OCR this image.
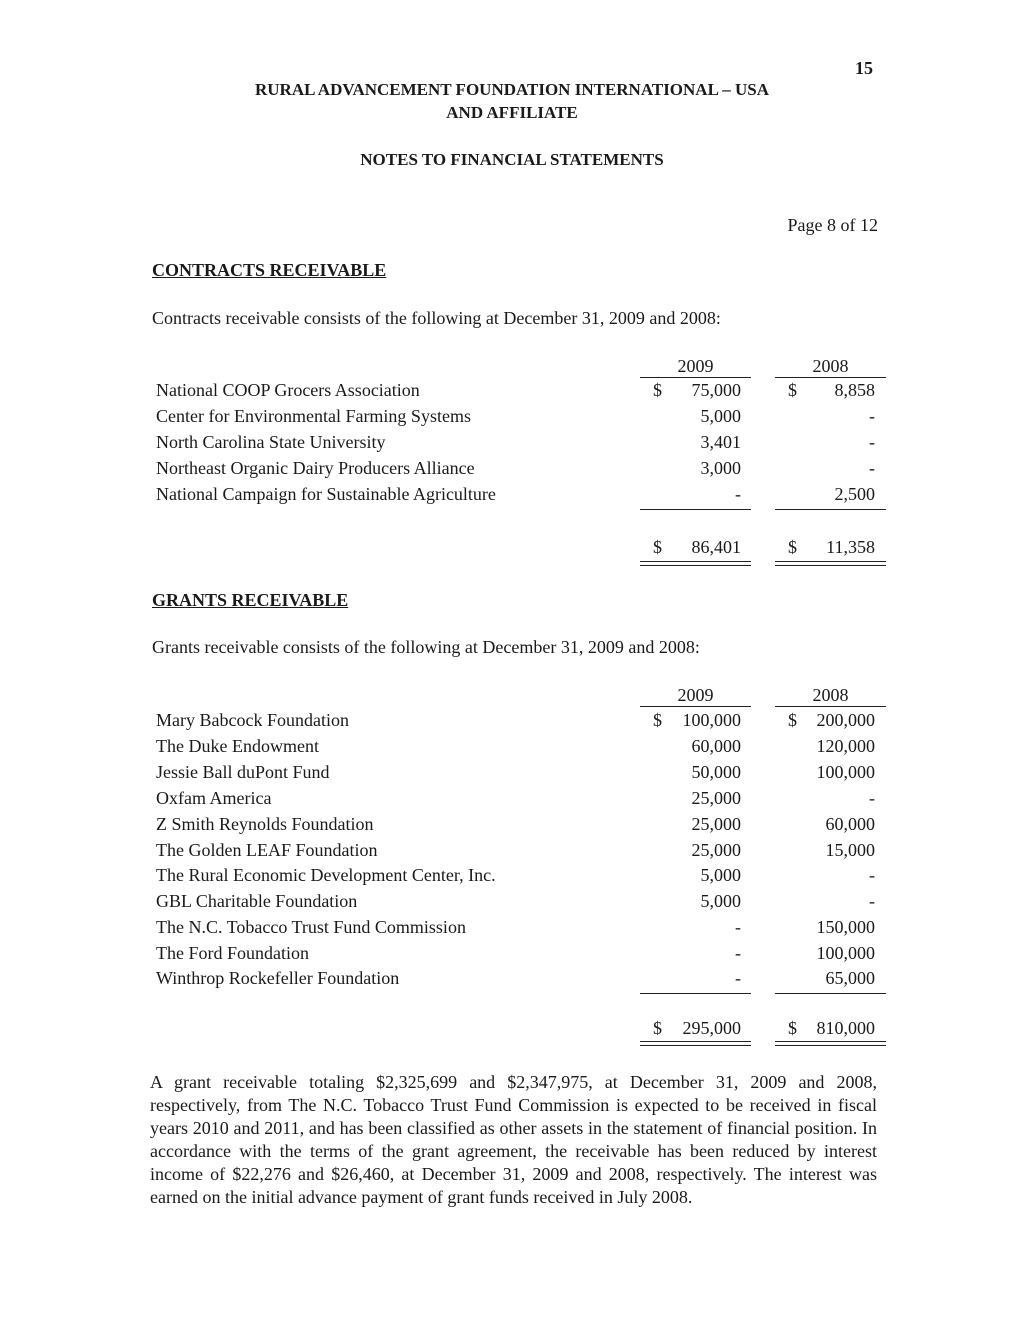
15
RURAL ADVANCEMENT FOUNDATION INTERNATIONAL – USA
AND AFFILIATE
NOTES TO FINANCIAL STATEMENTS
Page 8 of 12
CONTRACTS RECEIVABLE
Contracts receivable consists of the following at December 31, 2009 and 2008:
2009	2008
National COOP Grocers Association	$	75,000	$	8,858
Center for Environmental Farming Systems	5,000	-
North Carolina State University	3,401	-
Northeast Organic Dairy Producers Alliance	3,000	-
National Campaign for Sustainable Agriculture	-	2,500
$	86,401	$	11,358
GRANTS RECEIVABLE
Grants receivable consists of the following at December 31, 2009 and 2008:
2009	2008
Mary Babcock Foundation	$	100,000	$	200,000
The Duke Endowment	60,000	120,000
Jessie Ball duPont Fund	50,000	100,000
Oxfam America	25,000	-
Z Smith Reynolds Foundation	25,000	60,000
The Golden LEAF Foundation	25,000	15,000
The Rural Economic Development Center, Inc.	5,000	-
GBL Charitable Foundation	5,000	-
The N.C. Tobacco Trust Fund Commission	-	150,000
The Ford Foundation	-	100,000
Winthrop Rockefeller Foundation	-	65,000
$	295,000	$	810,000
A grant receivable totaling $2,325,699 and $2,347,975, at December 31, 2009 and 2008, respectively, from The N.C. Tobacco Trust Fund Commission is expected to be received in fiscal years 2010 and 2011, and has been classified as other assets in the statement of financial position. In accordance with the terms of the grant agreement, the receivable has been reduced by interest income of $22,276 and $26,460, at December 31, 2009 and 2008, respectively. The interest was earned on the initial advance payment of grant funds received in July 2008.
